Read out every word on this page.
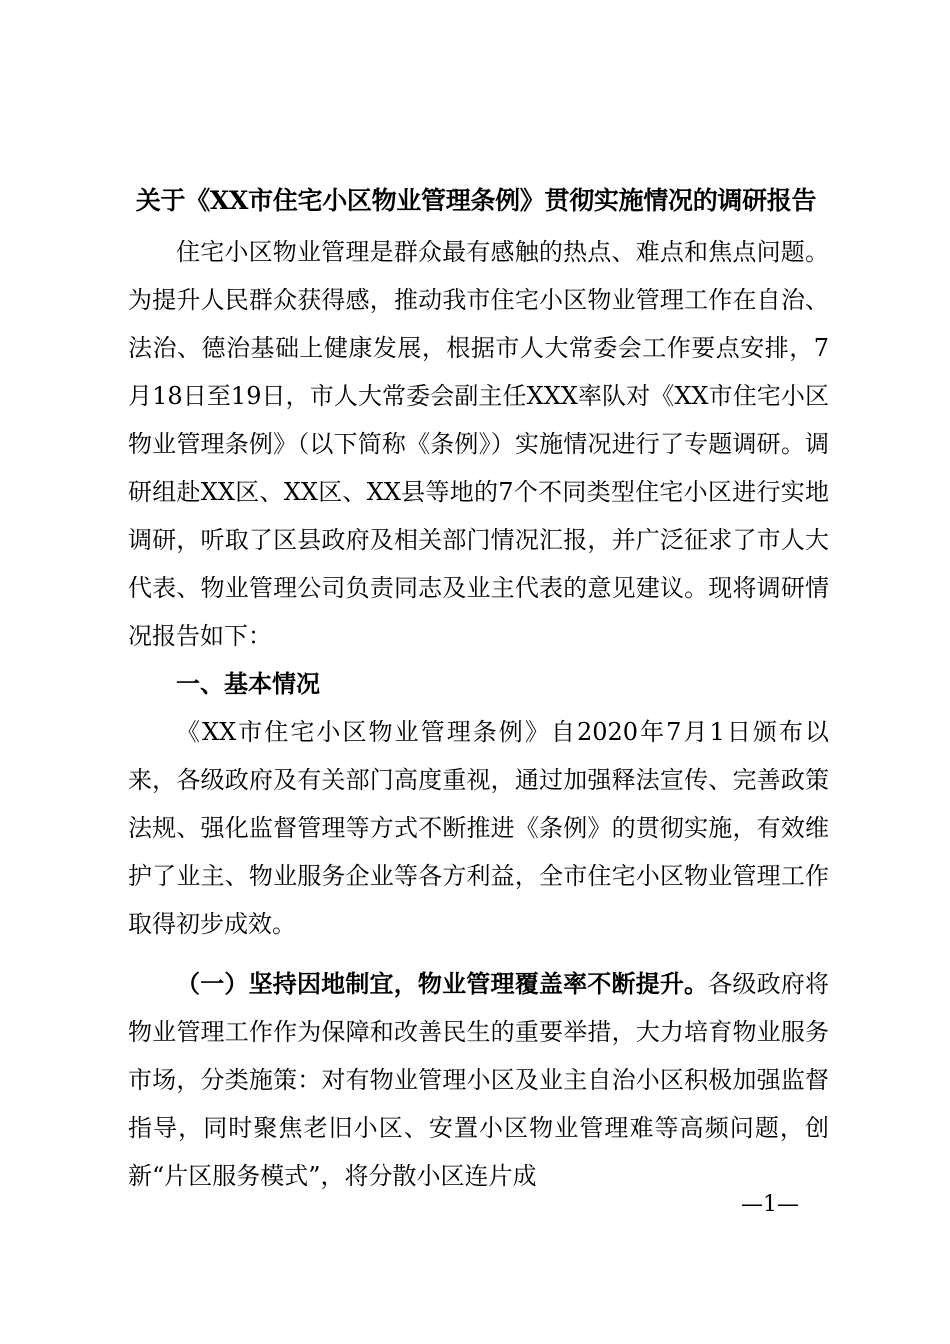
关于《XX市住宅小区物业管理条例》贯彻实施情况的调研报告

住宅小区物业管理是群众最有感触的热点、难点和焦点问题。为提升人民群众获得感，推动我市住宅小区物业管理工作在自治、法治、德治基础上健康发展，根据市人大常委会工作要点安排，7月18日至19日，市人大常委会副主任XXX率队对《XX市住宅小区物业管理条例》（以下简称《条例》）实施情况进行了专题调研。调研组赴XX区、XX区、XX县等地的7个不同类型住宅小区进行实地调研，听取了区县政府及相关部门情况汇报，并广泛征求了市人大代表、物业管理公司负责同志及业主代表的意见建议。现将调研情况报告如下：

一、基本情况

《XX市住宅小区物业管理条例》自2020年7月1日颁布以来，各级政府及有关部门高度重视，通过加强释法宣传、完善政策法规、强化监督管理等方式不断推进《条例》的贯彻实施，有效维护了业主、物业服务企业等各方利益，全市住宅小区物业管理工作取得初步成效。

（一）坚持因地制宜，物业管理覆盖率不断提升。各级政府将物业管理工作作为保障和改善民生的重要举措，大力培育物业服务市场，分类施策：对有物业管理小区及业主自治小区积极加强监督指导，同时聚焦老旧小区、安置小区物业管理难等高频问题，创新“片区服务模式”，将分散小区连片成

—1—
